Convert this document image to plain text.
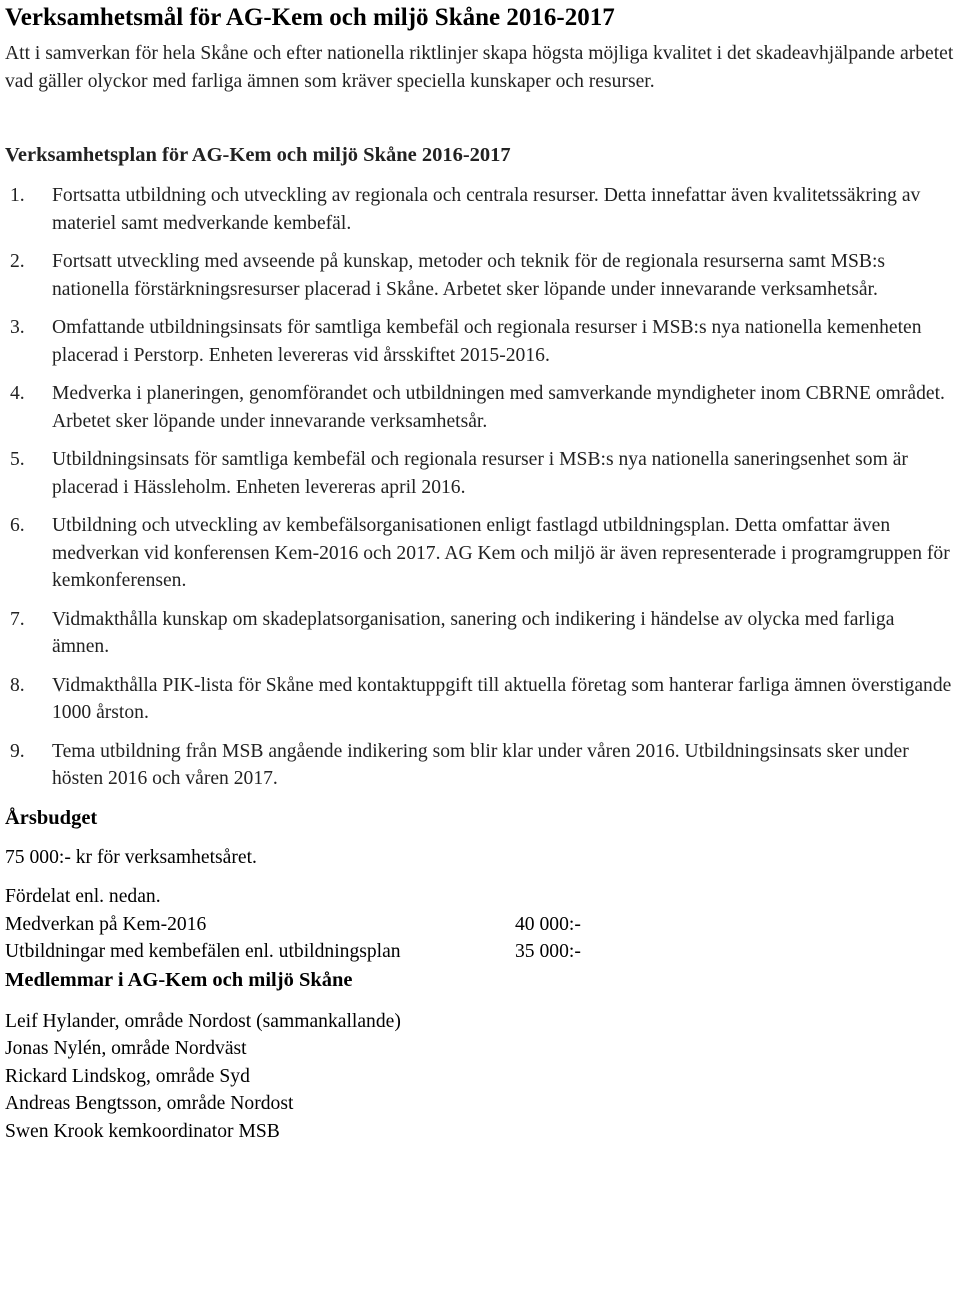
Verksamhetsmål för AG-Kem och miljö Skåne 2016-2017

Att i samverkan för hela Skåne och efter nationella riktlinjer skapa högsta möjliga kvalitet i det skadeavhjälpande arbetet vad gäller olyckor med farliga ämnen som kräver speciella kunskaper och resurser.

Verksamhetsplan för AG-Kem och miljö Skåne 2016-2017
1. Fortsatta utbildning och utveckling av regionala och centrala resurser. Detta innefattar även kvalitetssäkring av materiel samt medverkande kembefäl.
2. Fortsatt utveckling med avseende på kunskap, metoder och teknik för de regionala resurserna samt MSB:s nationella förstärkningsresurser placerad i Skåne. Arbetet sker löpande under innevarande verksamhetsår.
3. Omfattande utbildningsinsats för samtliga kembefäl och regionala resurser i MSB:s nya nationella kemenheten placerad i Perstorp. Enheten levereras vid årsskiftet 2015-2016.
4. Medverka i planeringen, genomförandet och utbildningen med samverkande myndigheter inom CBRNE området. Arbetet sker löpande under innevarande verksamhetsår.
5. Utbildningsinsats för samtliga kembefäl och regionala resurser i MSB:s nya nationella saneringsenhet som är placerad i Hässleholm. Enheten levereras april 2016.
6. Utbildning och utveckling av kembefälsorganisationen enligt fastlagd utbildningsplan. Detta omfattar även medverkan vid konferensen Kem-2016 och 2017. AG Kem och miljö är även representerade i programgruppen för kemkonferensen.
7. Vidmakthålla kunskap om skadeplatsorganisation, sanering och indikering i händelse av olycka med farliga ämnen.
8. Vidmakthålla PIK-lista för Skåne med kontaktuppgift till aktuella företag som hanterar farliga ämnen överstigande 1000 årston.
9. Tema utbildning från MSB angående indikering som blir klar under våren 2016. Utbildningsinsats sker under hösten 2016 och våren 2017.
Årsbudget
75 000:- kr för verksamhetsåret.
Fördelat enl. nedan.
Medverkan på Kem-2016	40 000:-
Utbildningar med kembefälen enl. utbildningsplan	35 000:-
Medlemmar i AG-Kem och miljö Skåne
Leif Hylander, område Nordost (sammankallande)
Jonas Nylén, område Nordväst
Rickard Lindskog, område Syd
Andreas Bengtsson, område Nordost
Swen Krook kemkoordinator MSB
